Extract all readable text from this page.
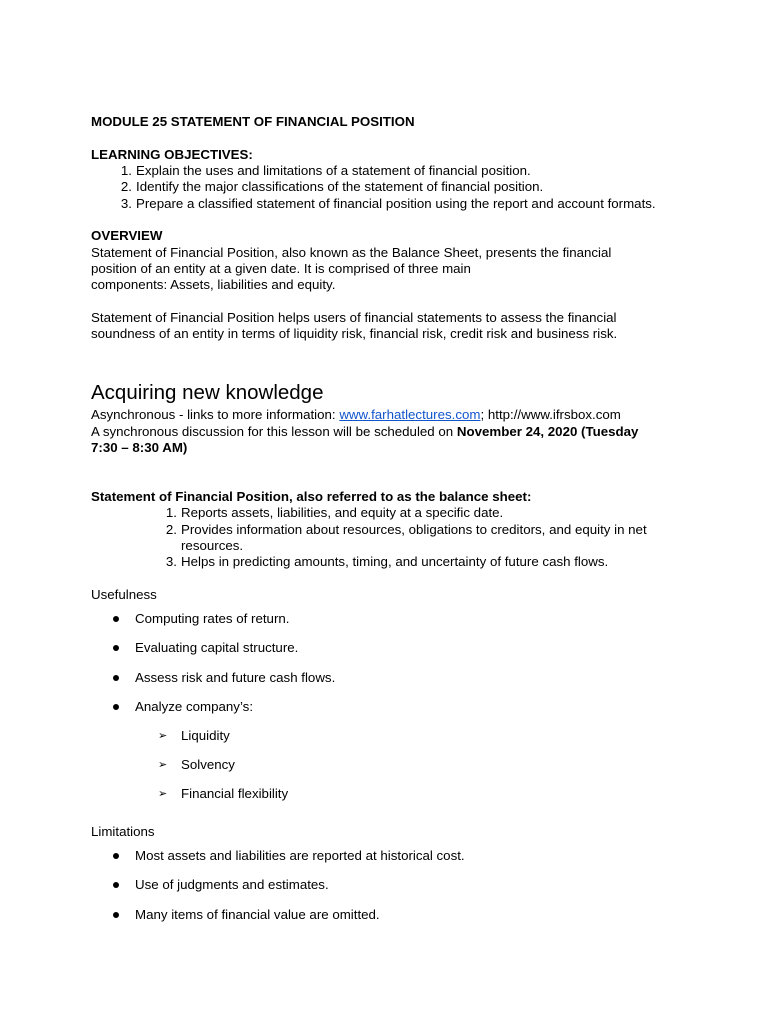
MODULE 25 STATEMENT OF FINANCIAL POSITION
LEARNING OBJECTIVES:
1. Explain the uses and limitations of a statement of financial position.
2. Identify the major classifications of the statement of financial position.
3. Prepare a classified statement of financial position using the report and account formats.
OVERVIEW
Statement of Financial Position, also known as the Balance Sheet, presents the financial
position of an entity at a given date. It is comprised of three main
components: Assets, liabilities and equity.
Statement of Financial Position helps users of financial statements to assess the financial
soundness of an entity in terms of liquidity risk, financial risk, credit risk and business risk.
Acquiring new knowledge
Asynchronous - links to more information: www.farhatlectures.com; http://www.ifrsbox.com
A synchronous discussion for this lesson will be scheduled on November 24, 2020 (Tuesday
7:30 – 8:30 AM)
Statement of Financial Position, also referred to as the balance sheet:
1. Reports assets, liabilities, and equity at a specific date.
2. Provides information about resources, obligations to creditors, and equity in net
resources.
3. Helps in predicting amounts, timing, and uncertainty of future cash flows.
Usefulness
Computing rates of return.
Evaluating capital structure.
Assess risk and future cash flows.
Analyze company’s:
➢ Liquidity
➢ Solvency
➢ Financial flexibility
Limitations
Most assets and liabilities are reported at historical cost.
Use of judgments and estimates.
Many items of financial value are omitted.
